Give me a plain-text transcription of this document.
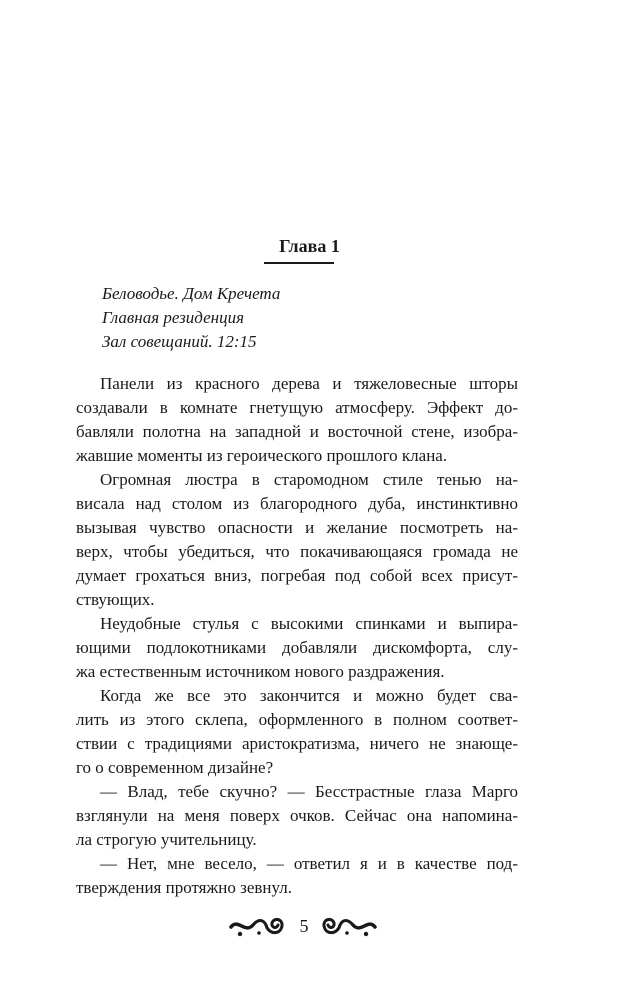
Глава 1
Беловодье. Дом Кречета
Главная резиденция
Зал совещаний. 12:15
Панели из красного дерева и тяжеловесные шторы
создавали в комнате гнетущую атмосферу. Эффект до-
бавляли полотна на западной и восточной стене, изобра-
жавшие моменты из героического прошлого клана.
Огромная люстра в старомодном стиле тенью на-
висала над столом из благородного дуба, инстинктивно
вызывая чувство опасности и желание посмотреть на-
верх, чтобы убедиться, что покачивающаяся громада не
думает грохаться вниз, погребая под собой всех присут-
ствующих.
Неудобные стулья с высокими спинками и выпира-
ющими подлокотниками добавляли дискомфорта, слу-
жа естественным источником нового раздражения.
Когда же все это закончится и можно будет сва-
лить из этого склепа, оформленного в полном соответ-
ствии с традициями аристократизма, ничего не знающе-
го о современном дизайне?
— Влад, тебе скучно? — Бесстрастные глаза Марго
взглянули на меня поверх очков. Сейчас она напомина-
ла строгую учительницу.
— Нет, мне весело, — ответил я и в качестве под-
тверждения протяжно зевнул.
5
